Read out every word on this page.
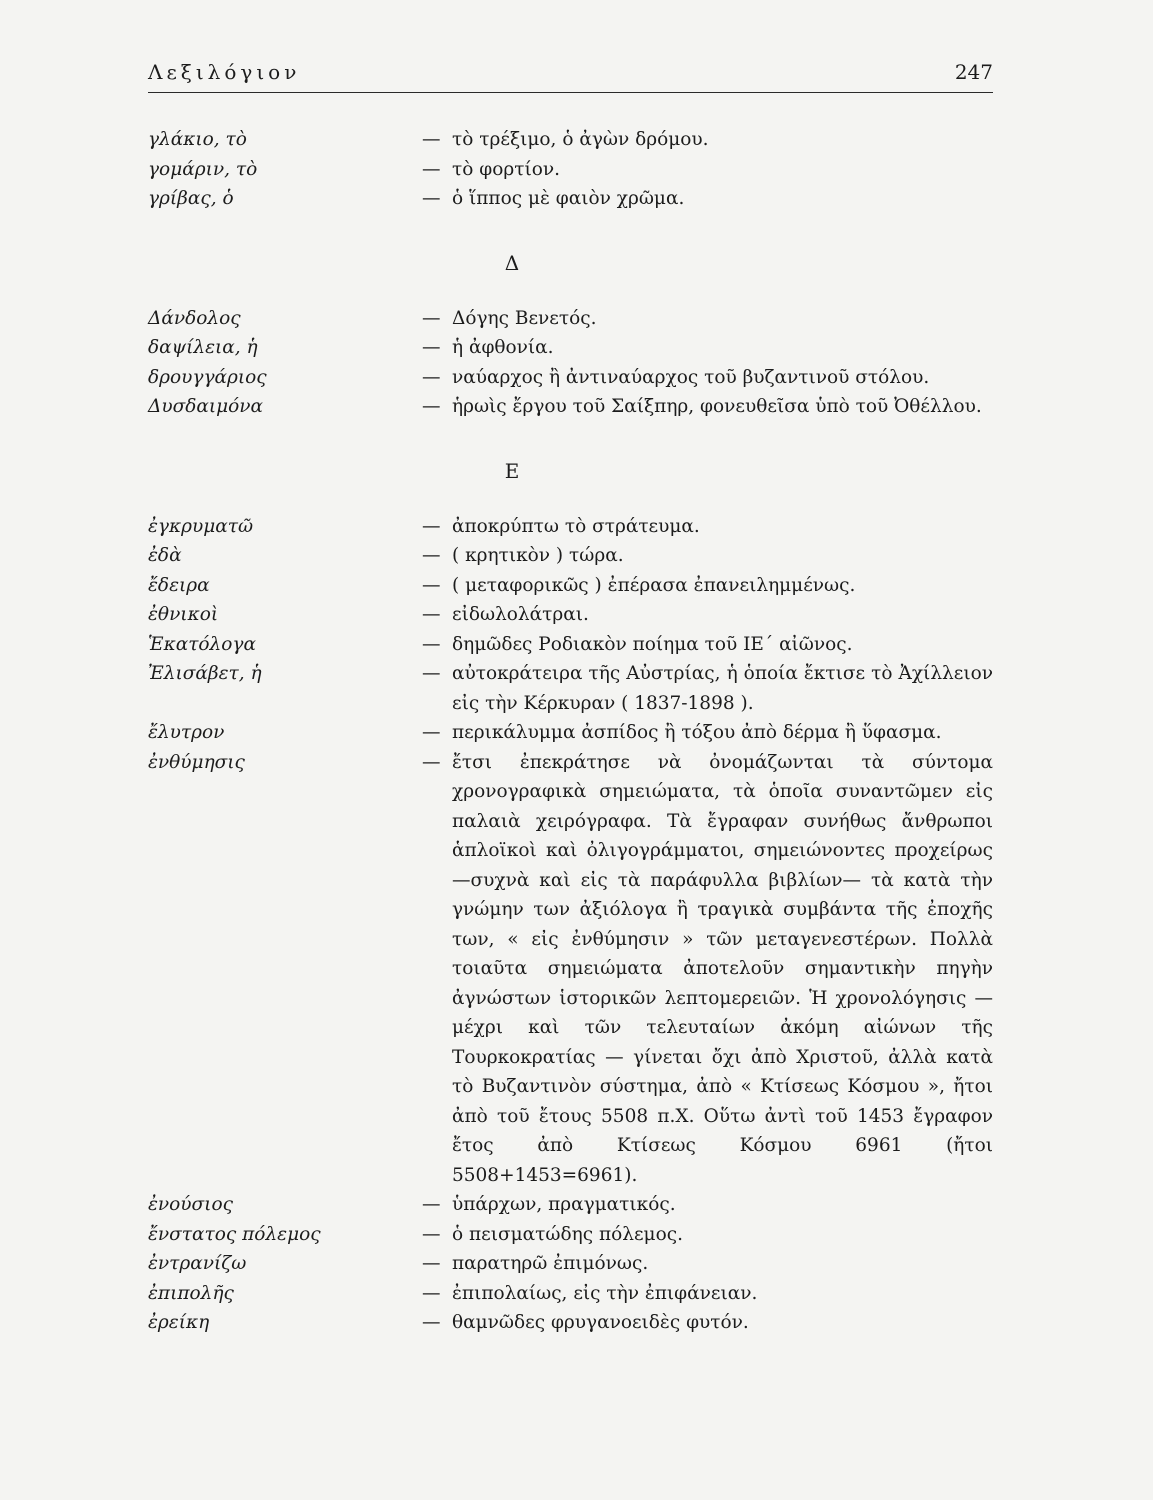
Λεξιλόγιον	247
γλάκιο, τὸ	— τὸ τρέξιμο, ὁ ἀγὼν δρόμου.
γομάριν, τὸ	— τὸ φορτίον.
γρίβας, ὁ	— ὁ ἵππος μὲ φαιὸν χρῶμα.
Δ
Δάνδολος	— Δόγης Βενετός.
δαψίλεια, ἡ	— ἡ ἀφθονία.
δρουγγάριος	— ναύαρχος ἢ ἀντιναύαρχος τοῦ βυζαντινοῦ στόλου.
Δυσδαιμόνα	— ἡρωὶς ἔργου τοῦ Σαίξπηρ, φονευθεῖσα ὑπὸ τοῦ Ὀθέλλου.
Ε
ἐγκρυματῶ	— ἀποκρύπτω τὸ στράτευμα.
ἐδὰ	— ( κρητικὸν ) τώρα.
ἔδειρα	— ( μεταφορικῶς ) ἐπέρασα ἐπανειλημμένως.
ἐθνικοὶ	— εἰδωλολάτραι.
Ἑκατόλογα	— δημῶδες Ροδιακὸν ποίημα τοῦ ΙΕ΄ αἰῶνος.
Ἐλισάβετ, ἡ	— αὐτοκράτειρα τῆς Αὐστρίας, ἡ ὁποία ἔκτισε τὸ Ἀχίλλειον εἰς τὴν Κέρκυραν ( 1837-1898 ).
ἔλυτρον	— περικάλυμμα ἀσπίδος ἢ τόξου ἀπὸ δέρμα ἢ ὕφασμα.
ἐνθύμησις	— ἔτσι ἐπεκράτησε νὰ ὀνομάζωνται τὰ σύντομα χρονογραφικὰ σημειώματα, τὰ ὁποῖα συναντῶμεν εἰς παλαιὰ χειρόγραφα. Τὰ ἔγραφαν συνήθως ἄνθρωποι ἁπλοϊκοὶ καὶ ὀλιγογράμματοι, σημειώνοντες προχείρως —συχνὰ καὶ εἰς τὰ παράφυλλα βιβλίων— τὰ κατὰ τὴν γνώμην των ἀξιόλογα ἢ τραγικὰ συμβάντα τῆς ἐποχῆς των, « εἰς ἐνθύμησιν » τῶν μεταγενεστέρων. Πολλὰ τοιαῦτα σημειώματα ἀποτελοῦν σημαντικὴν πηγὴν ἀγνώστων ἱστορικῶν λεπτομερειῶν. Ἡ χρονολόγησις — μέχρι καὶ τῶν τελευταίων ἀκόμη αἰώνων τῆς Τουρκοκρατίας — γίνεται ὄχι ἀπὸ Χριστοῦ, ἀλλὰ κατὰ τὸ Βυζαντινὸν σύστημα, ἀπὸ « Κτίσεως Κόσμου », ἤτοι ἀπὸ τοῦ ἔτους 5508 π.Χ. Οὕτω ἀντὶ τοῦ 1453 ἔγραφον ἔτος ἀπὸ Κτίσεως Κόσμου 6961 (ἤτοι 5508+1453=6961).
ἐνούσιος	— ὑπάρχων, πραγματικός.
ἔνστατος πόλεμος	— ὁ πεισματώδης πόλεμος.
ἐντρανίζω	— παρατηρῶ ἐπιμόνως.
ἐπιπολῆς	— ἐπιπολαίως, εἰς τὴν ἐπιφάνειαν.
ἐρείκη	— θαμνῶδες φρυγανοειδὲς φυτόν.
